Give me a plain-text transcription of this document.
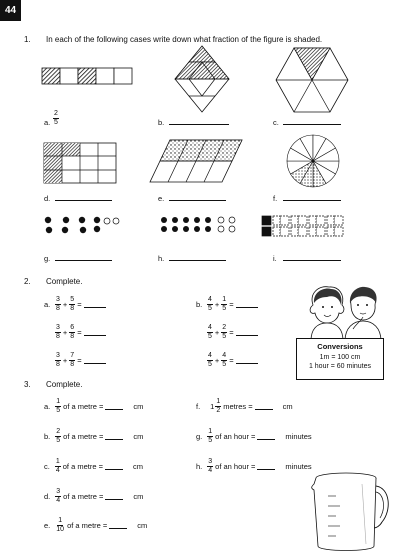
44
1. In each of the following cases write down what fraction of the figure is shaded.
a. $\frac{2}{5}$	b.	c.
d.	e.	f.
g.	h.	i.
2. Complete.
a. $\frac{3}{8} + \frac{5}{8}$ =
$\frac{3}{8} + \frac{6}{8}$ =
$\frac{3}{8} + \frac{7}{8}$ =
b. $\frac{4}{5} + \frac{1}{5}$ =
$\frac{4}{5} + \frac{2}{5}$ =
$\frac{4}{5} + \frac{4}{5}$ =
Conversions
1m = 100 cm
1 hour = 60 minutes
3. Complete.
a. $\frac{1}{5}$ of a metre =	cm
b. $\frac{2}{5}$ of a metre =	cm
c. $\frac{1}{4}$ of a metre =	cm
d. $\frac{3}{4}$ of a metre =	cm
e. $\frac{1}{10}$ of a metre =	cm
f. $1 \frac{1}{2}$ metres =	cm
g. $\frac{1}{5}$ of an hour =	minutes
h. $\frac{3}{4}$ of an hour =	minutes
